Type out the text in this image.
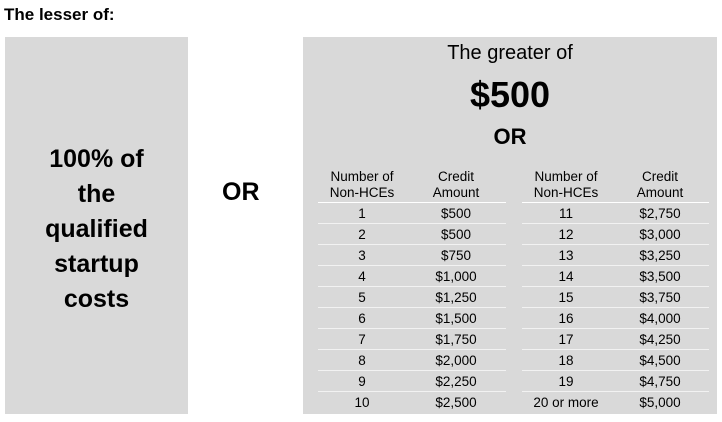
The lesser of:
100% of
the
qualified
startup
costs
OR
The greater of
$500
OR
Number of
Non-HCEs
Credit
Amount
Number of
Non-HCEs
Credit
Amount
1	$500	11	$2,750
2	$500	12	$3,000
3	$750	13	$3,250
4	$1,000	14	$3,500
5	$1,250	15	$3,750
6	$1,500	16	$4,000
7	$1,750	17	$4,250
8	$2,000	18	$4,500
9	$2,250	19	$4,750
10	$2,500	20 or more	$5,000
